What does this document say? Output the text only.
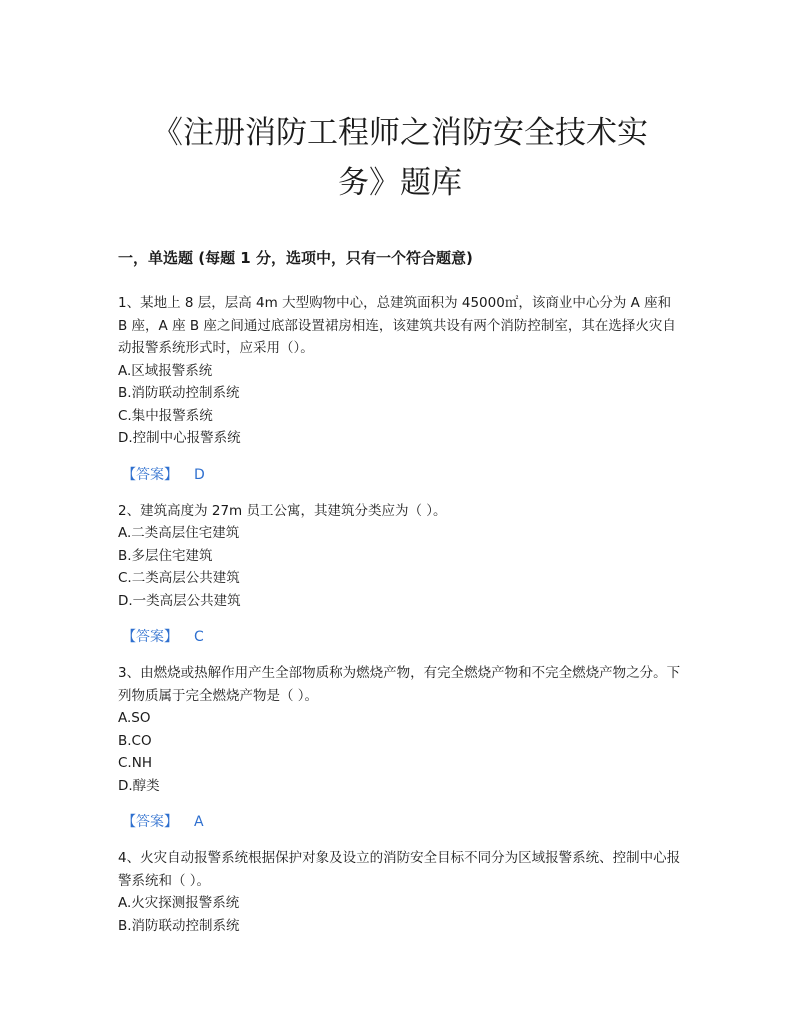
《注册消防工程师之消防安全技术实
务》题库
一，单选题 (每题 1 分，选项中，只有一个符合题意)

1、某地上 8 层，层高 4m 大型购物中心，总建筑面积为 45000㎡，该商业中心分为 A 座和 B 座，A 座 B 座之间通过底部设置裙房相连，该建筑共设有两个消防控制室，其在选择火灾自动报警系统形式时，应采用（）。

A.区域报警系统

B.消防联动控制系统

C.集中报警系统

D.控制中心报警系统

【答案】 D

2、建筑高度为 27m 员工公寓，其建筑分类应为（ ）。

A.二类高层住宅建筑

B.多层住宅建筑

C.二类高层公共建筑

D.一类高层公共建筑

【答案】 C

3、由燃烧或热解作用产生全部物质称为燃烧产物，有完全燃烧产物和不完全燃烧产物之分。下列物质属于完全燃烧产物是（ ）。

A.SO

B.CO

C.NH

D.醇类

【答案】 A

4、火灾自动报警系统根据保护对象及设立的消防安全目标不同分为区域报警系统、控制中心报警系统和（ ）。

A.火灾探测报警系统

B.消防联动控制系统
